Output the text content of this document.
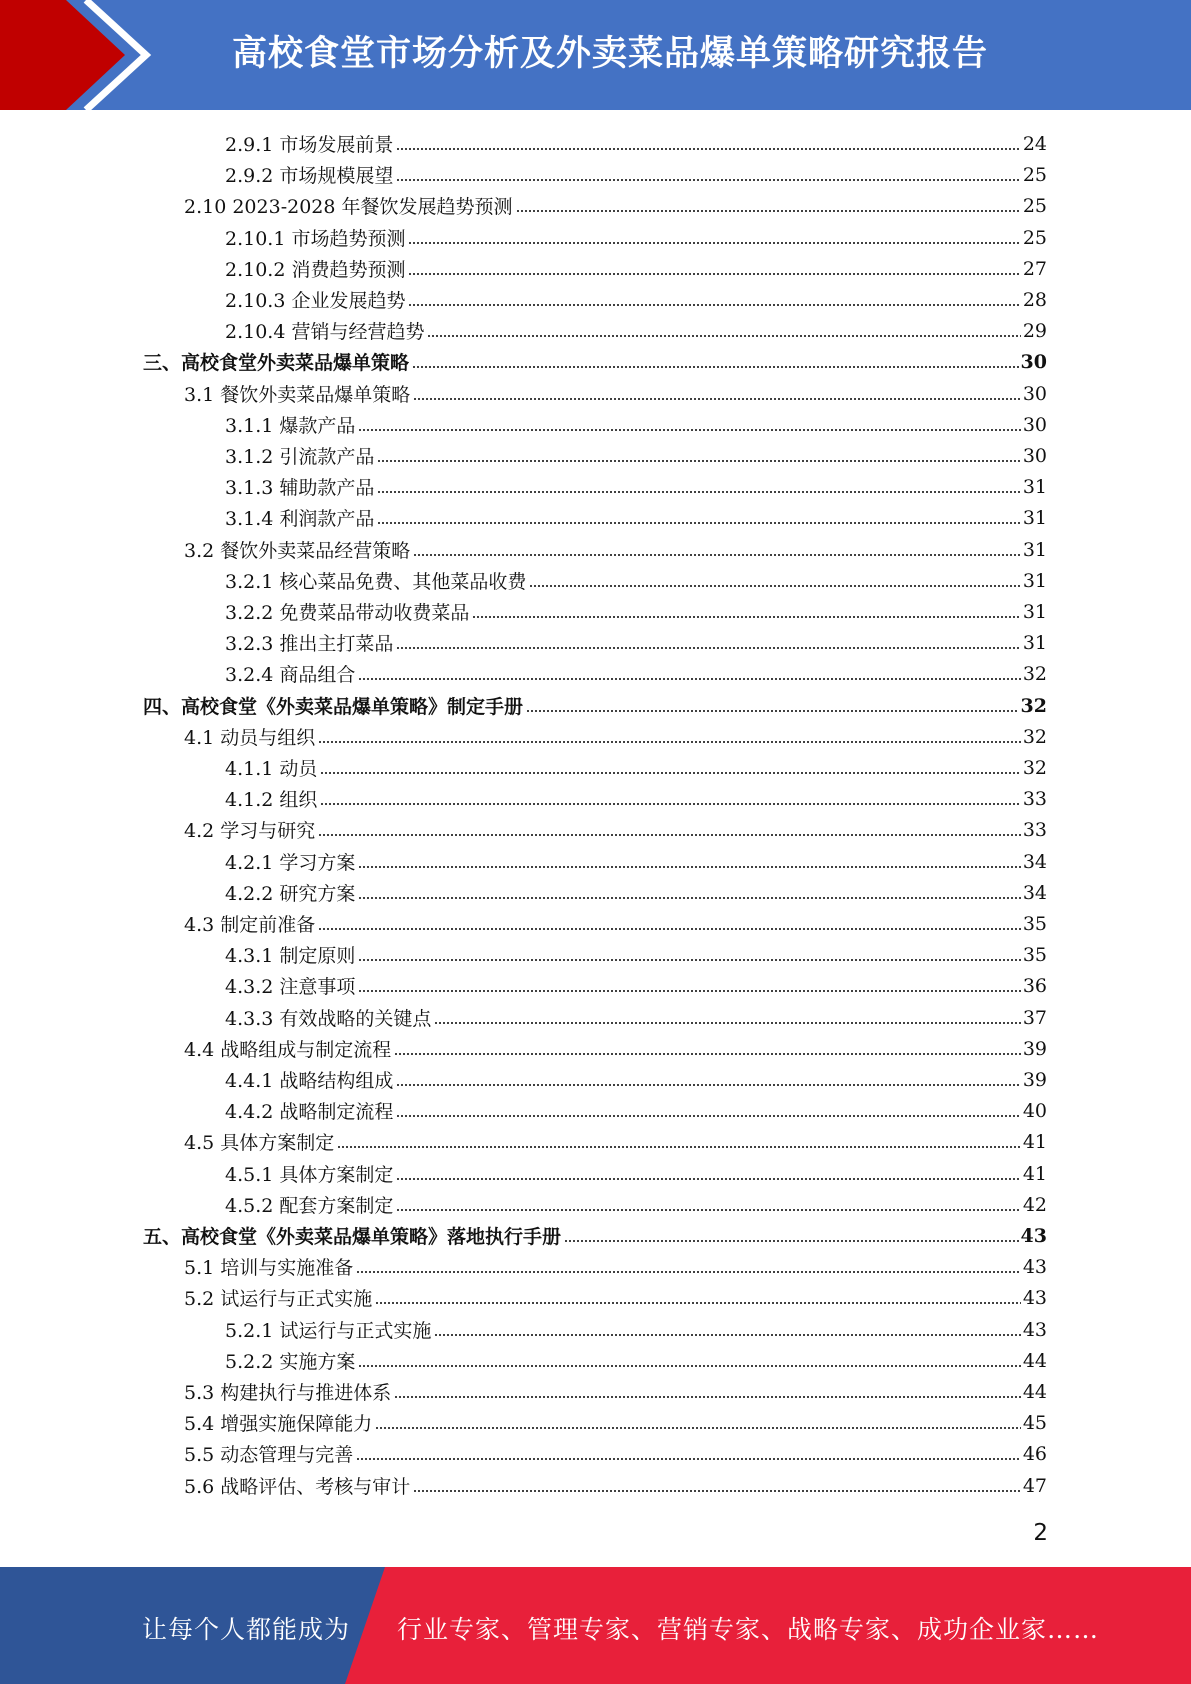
高校食堂市场分析及外卖菜品爆单策略研究报告
2.9.1 市场发展前景	24
2.9.2 市场规模展望	25
2.10 2023-2028 年餐饮发展趋势预测	25
2.10.1 市场趋势预测	25
2.10.2 消费趋势预测	27
2.10.3 企业发展趋势	28
2.10.4 营销与经营趋势	29
三、高校食堂外卖菜品爆单策略	30
3.1 餐饮外卖菜品爆单策略	30
3.1.1 爆款产品	30
3.1.2 引流款产品	30
3.1.3 辅助款产品	31
3.1.4 利润款产品	31
3.2 餐饮外卖菜品经营策略	31
3.2.1 核心菜品免费、其他菜品收费	31
3.2.2 免费菜品带动收费菜品	31
3.2.3 推出主打菜品	31
3.2.4 商品组合	32
四、高校食堂《外卖菜品爆单策略》制定手册	32
4.1 动员与组织	32
4.1.1 动员	32
4.1.2 组织	33
4.2 学习与研究	33
4.2.1 学习方案	34
4.2.2 研究方案	34
4.3 制定前准备	35
4.3.1 制定原则	35
4.3.2 注意事项	36
4.3.3 有效战略的关键点	37
4.4 战略组成与制定流程	39
4.4.1 战略结构组成	39
4.4.2 战略制定流程	40
4.5 具体方案制定	41
4.5.1 具体方案制定	41
4.5.2 配套方案制定	42
五、高校食堂《外卖菜品爆单策略》落地执行手册	43
5.1 培训与实施准备	43
5.2 试运行与正式实施	43
5.2.1 试运行与正式实施	43
5.2.2 实施方案	44
5.3 构建执行与推进体系	44
5.4 增强实施保障能力	45
5.5 动态管理与完善	46
5.6 战略评估、考核与审计	47
2
让每个人都能成为 行业专家、管理专家、营销专家、战略专家、成功企业家……
